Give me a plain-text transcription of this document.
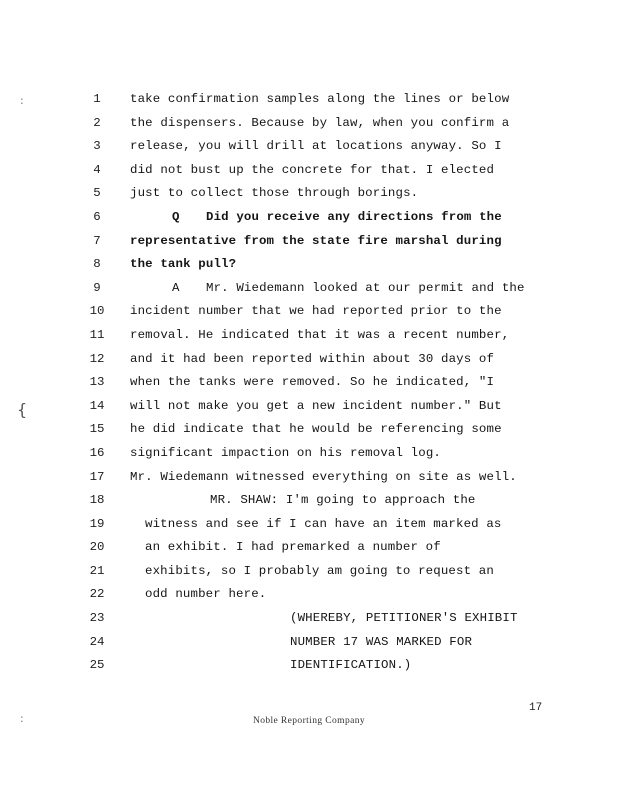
:
{
:
1	take confirmation samples along the lines or below
2	the dispensers. Because by law, when you confirm a
3	release, you will drill at locations anyway. So I
4	did not bust up the concrete for that. I elected
5	just to collect those through borings.
6	Q Did you receive any directions from the
7	representative from the state fire marshal during
8	the tank pull?
9	A Mr. Wiedemann looked at our permit and the
10	incident number that we had reported prior to the
11	removal. He indicated that it was a recent number,
12	and it had been reported within about 30 days of
13	when the tanks were removed. So he indicated, "I
14	will not make you get a new incident number." But
15	he did indicate that he would be referencing some
16	significant impaction on his removal log.
17	Mr. Wiedemann witnessed everything on site as well.
18	MR. SHAW: I'm going to approach the
19	witness and see if I can have an item marked as
20	an exhibit. I had premarked a number of
21	exhibits, so I probably am going to request an
22	odd number here.
23	(WHEREBY, PETITIONER'S EXHIBIT
24	NUMBER 17 WAS MARKED FOR
25	IDENTIFICATION.)
17
Noble Reporting Company
